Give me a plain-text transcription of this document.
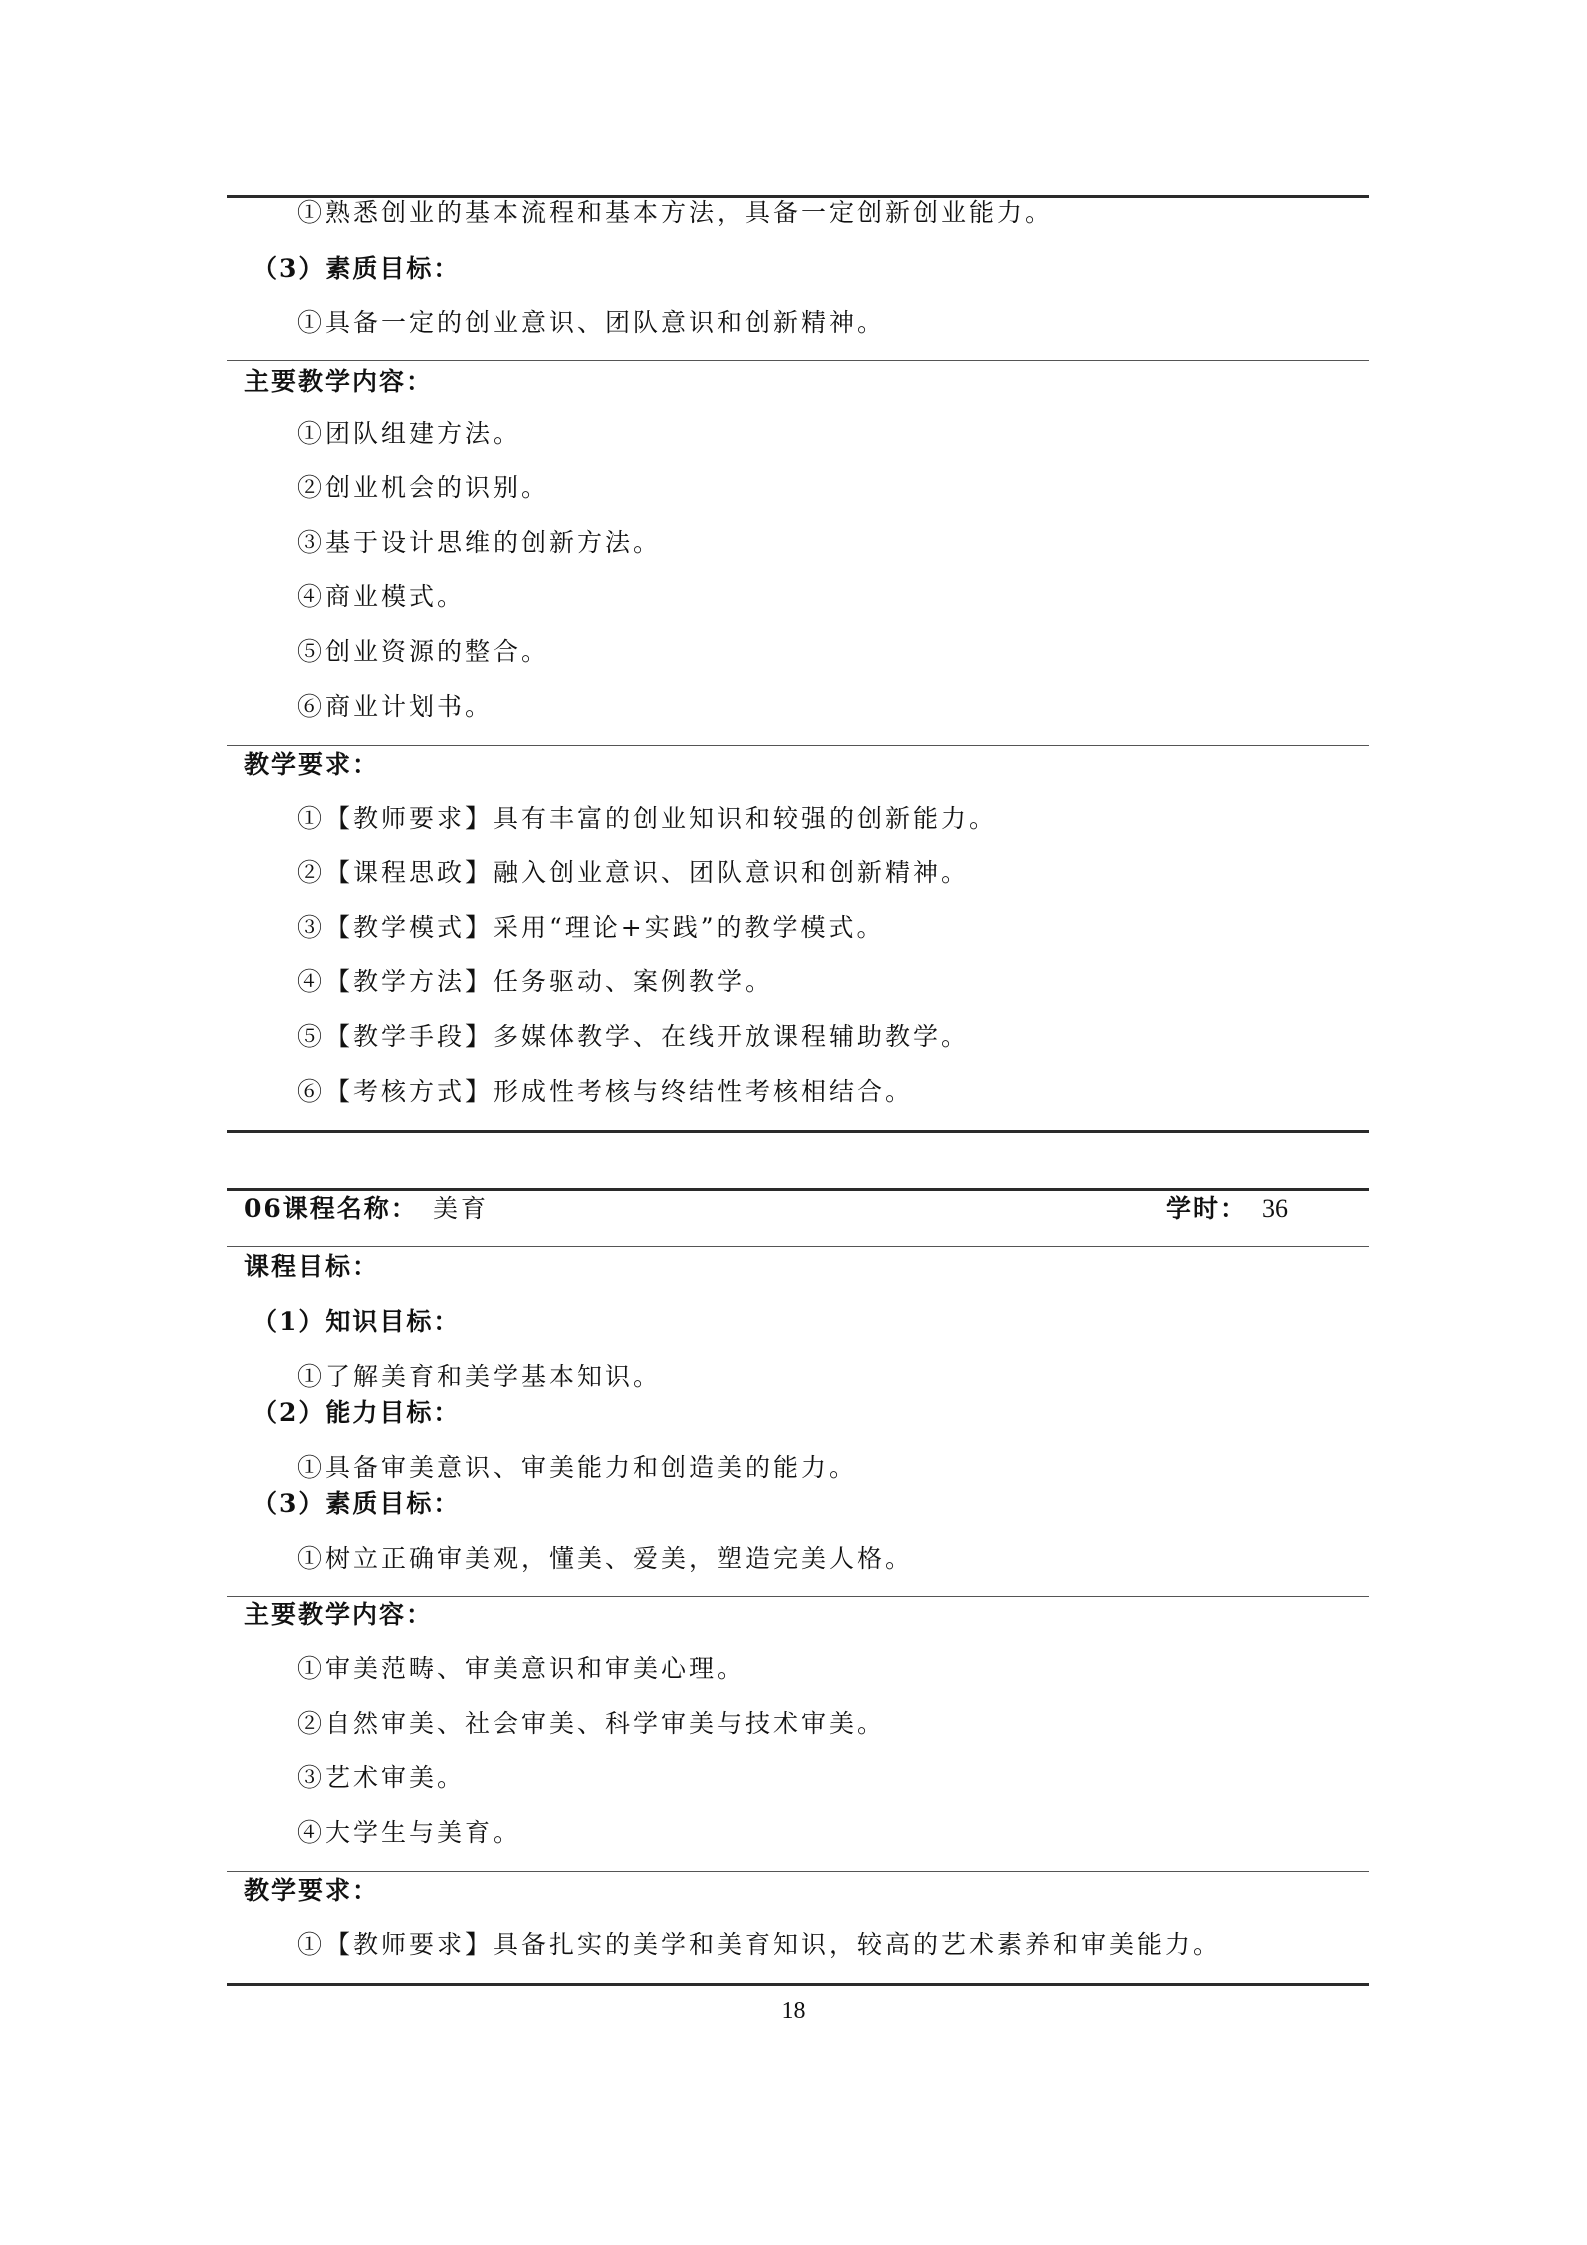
①熟悉创业的基本流程和基本方法，具备一定创新创业能力。
（3）素质目标：
①具备一定的创业意识、团队意识和创新精神。
主要教学内容：
①团队组建方法。
②创业机会的识别。
③基于设计思维的创新方法。
④商业模式。
⑤创业资源的整合。
⑥商业计划书。
教学要求：
①【教师要求】具有丰富的创业知识和较强的创新能力。
②【课程思政】融入创业意识、团队意识和创新精神。
③【教学模式】采用“理论+实践”的教学模式。
④【教学方法】任务驱动、案例教学。
⑤【教学手段】多媒体教学、在线开放课程辅助教学。
⑥【考核方式】形成性考核与终结性考核相结合。
06课程名称： 美育	学时： 36
课程目标：
（1）知识目标：
①了解美育和美学基本知识。
（2）能力目标：
①具备审美意识、审美能力和创造美的能力。
（3）素质目标：
①树立正确审美观，懂美、爱美，塑造完美人格。
主要教学内容：
①审美范畴、审美意识和审美心理。
②自然审美、社会审美、科学审美与技术审美。
③艺术审美。
④大学生与美育。
教学要求：
①【教师要求】具备扎实的美学和美育知识，较高的艺术素养和审美能力。
18
